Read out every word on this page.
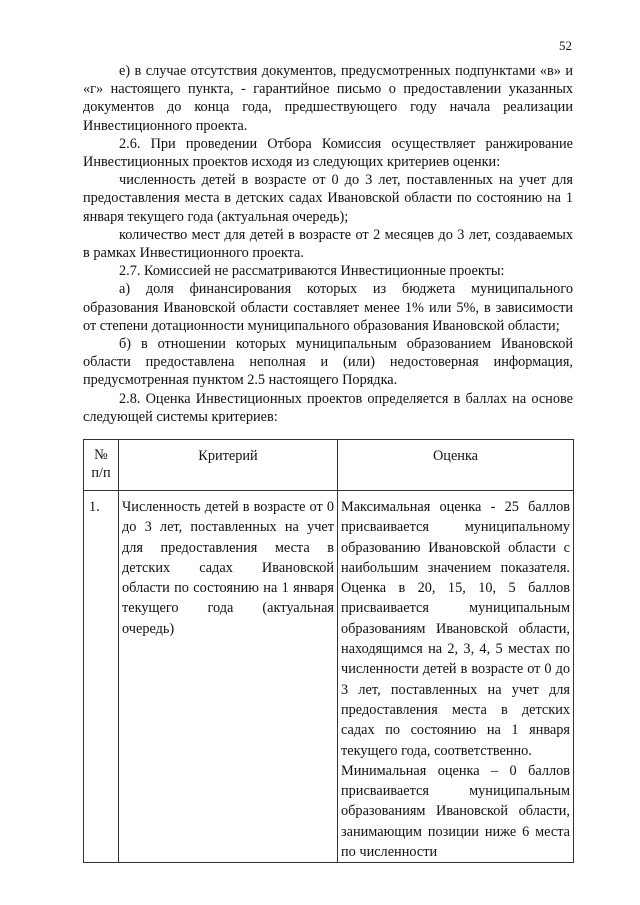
52

е) в случае отсутствия документов, предусмотренных подпунктами «в» и «г» настоящего пункта, - гарантийное письмо о предоставлении указанных документов до конца года, предшествующего году начала реализации Инвестиционного проекта.

2.6. При проведении Отбора Комиссия осуществляет ранжирование Инвестиционных проектов исходя из следующих критериев оценки:

численность детей в возрасте от 0 до 3 лет, поставленных на учет для предоставления места в детских садах Ивановской области по состоянию на 1 января текущего года (актуальная очередь);

количество мест для детей в возрасте от 2 месяцев до 3 лет, создаваемых в рамках Инвестиционного проекта.

2.7. Комиссией не рассматриваются Инвестиционные проекты:

а) доля финансирования которых из бюджета муниципального образования Ивановской области составляет менее 1% или 5%, в зависимости от степени дотационности муниципального образования Ивановской области;

б) в отношении которых муниципальным образованием Ивановской области предоставлена неполная и (или) недостоверная информация, предусмотренная пунктом 2.5 настоящего Порядка.

2.8. Оценка Инвестиционных проектов определяется в баллах на основе следующей системы критериев:

№
п/п	Критерий	Оценка
1.	Численность детей в возрасте от 0 до 3 лет, поставленных на учет для предоставления места в детских садах Ивановской области по состоянию на 1 января текущего года (актуальная очередь)	Максимальная оценка - 25 баллов присваивается муниципальному образованию Ивановской области с наибольшим значением показателя. Оценка в 20, 15, 10, 5 баллов присваивается муниципальным образованиям Ивановской области, находящимся на 2, 3, 4, 5 местах по численности детей в возрасте от 0 до 3 лет, поставленных на учет для предоставления места в детских садах по состоянию на 1 января текущего года, соответственно.

Минимальная оценка – 0 баллов присваивается муниципальным образованиям Ивановской области, занимающим позиции ниже 6 места по численности
